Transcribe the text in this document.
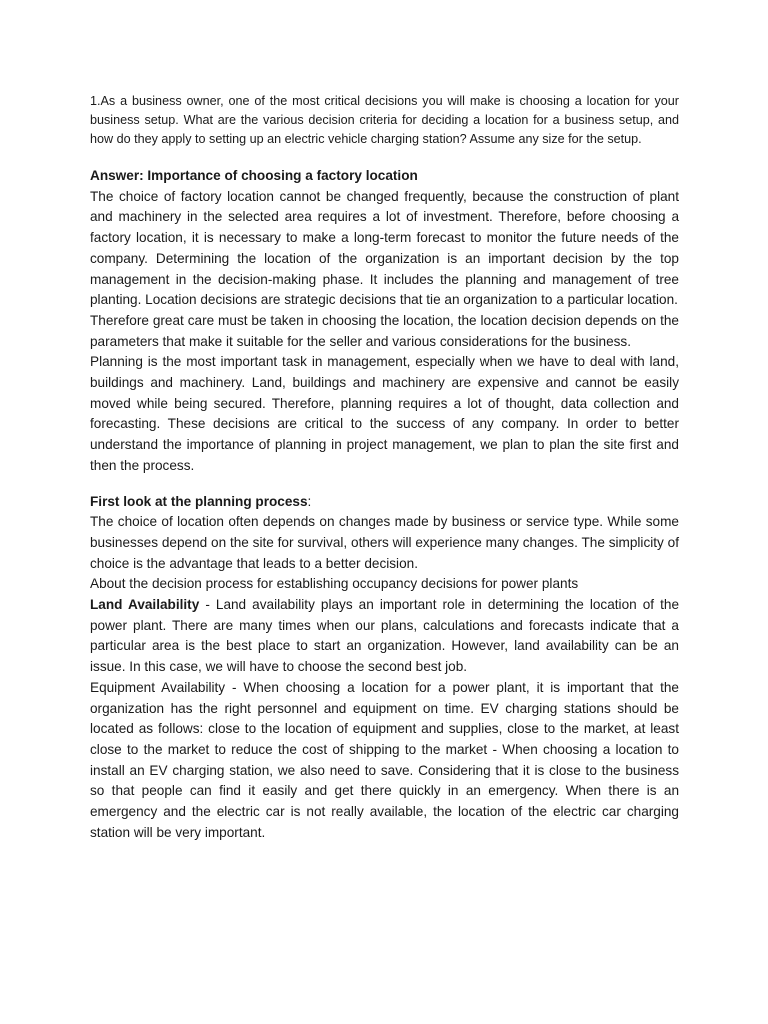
1.As a business owner, one of the most critical decisions you will make is choosing a location for your business setup. What are the various decision criteria for deciding a location for a business setup, and how do they apply to setting up an electric vehicle charging station? Assume any size for the setup.

Answer: Importance of choosing a factory location

The choice of factory location cannot be changed frequently, because the construction of plant and machinery in the selected area requires a lot of investment. Therefore, before choosing a factory location, it is necessary to make a long-term forecast to monitor the future needs of the company. Determining the location of the organization is an important decision by the top management in the decision-making phase. It includes the planning and management of tree planting. Location decisions are strategic decisions that tie an organization to a particular location.

Therefore great care must be taken in choosing the location, the location decision depends on the parameters that make it suitable for the seller and various considerations for the business.

Planning is the most important task in management, especially when we have to deal with land, buildings and machinery. Land, buildings and machinery are expensive and cannot be easily moved while being secured. Therefore, planning requires a lot of thought, data collection and forecasting. These decisions are critical to the success of any company. In order to better understand the importance of planning in project management, we plan to plan the site first and then the process.

First look at the planning process:

The choice of location often depends on changes made by business or service type. While some businesses depend on the site for survival, others will experience many changes. The simplicity of choice is the advantage that leads to a better decision.

About the decision process for establishing occupancy decisions for power plants

Land Availability - Land availability plays an important role in determining the location of the power plant. There are many times when our plans, calculations and forecasts indicate that a particular area is the best place to start an organization. However, land availability can be an issue. In this case, we will have to choose the second best job.

Equipment Availability - When choosing a location for a power plant, it is important that the organization has the right personnel and equipment on time. EV charging stations should be located as follows: close to the location of equipment and supplies, close to the market, at least close to the market to reduce the cost of shipping to the market - When choosing a location to install an EV charging station, we also need to save. Considering that it is close to the business so that people can find it easily and get there quickly in an emergency. When there is an emergency and the electric car is not really available, the location of the electric car charging station will be very important.
